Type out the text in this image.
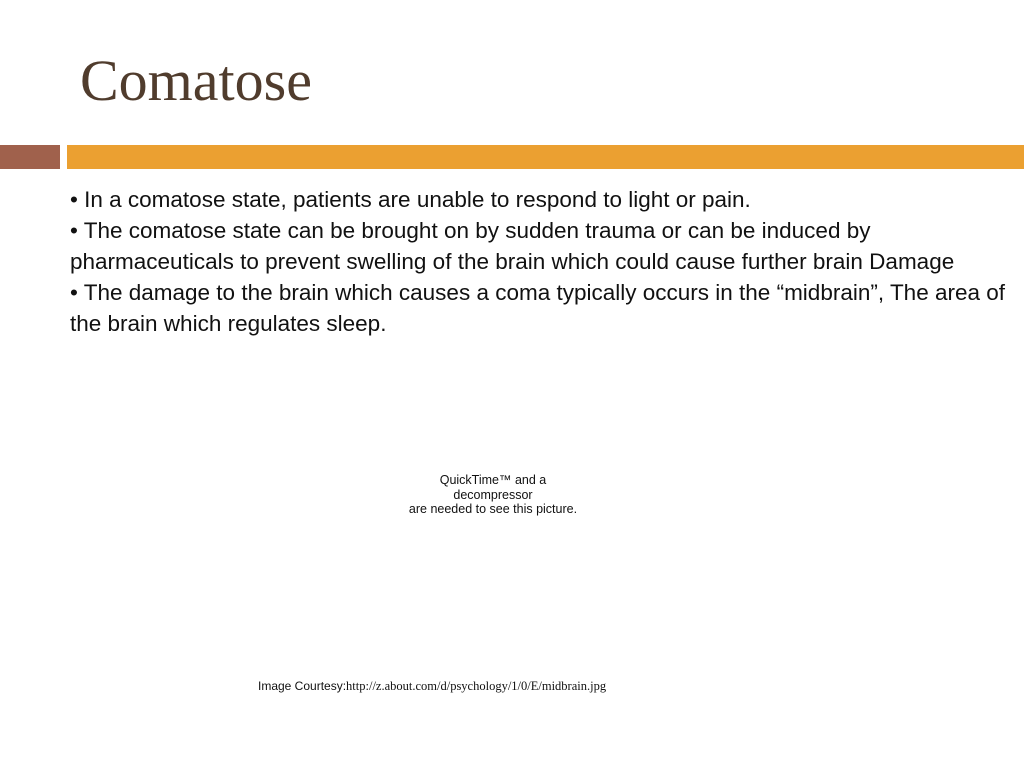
Comatose
• In a comatose state, patients are unable to respond to light or pain.
• The comatose state can be brought on by sudden trauma or can be induced by pharmaceuticals to prevent swelling of the brain which could cause further brain Damage
• The damage to the brain which causes a coma typically occurs in the “midbrain”, The area of the brain which regulates sleep.
QuickTime™ and a
decompressor
are needed to see this picture.
Image Courtesy:http://z.about.com/d/psychology/1/0/E/midbrain.jpg
